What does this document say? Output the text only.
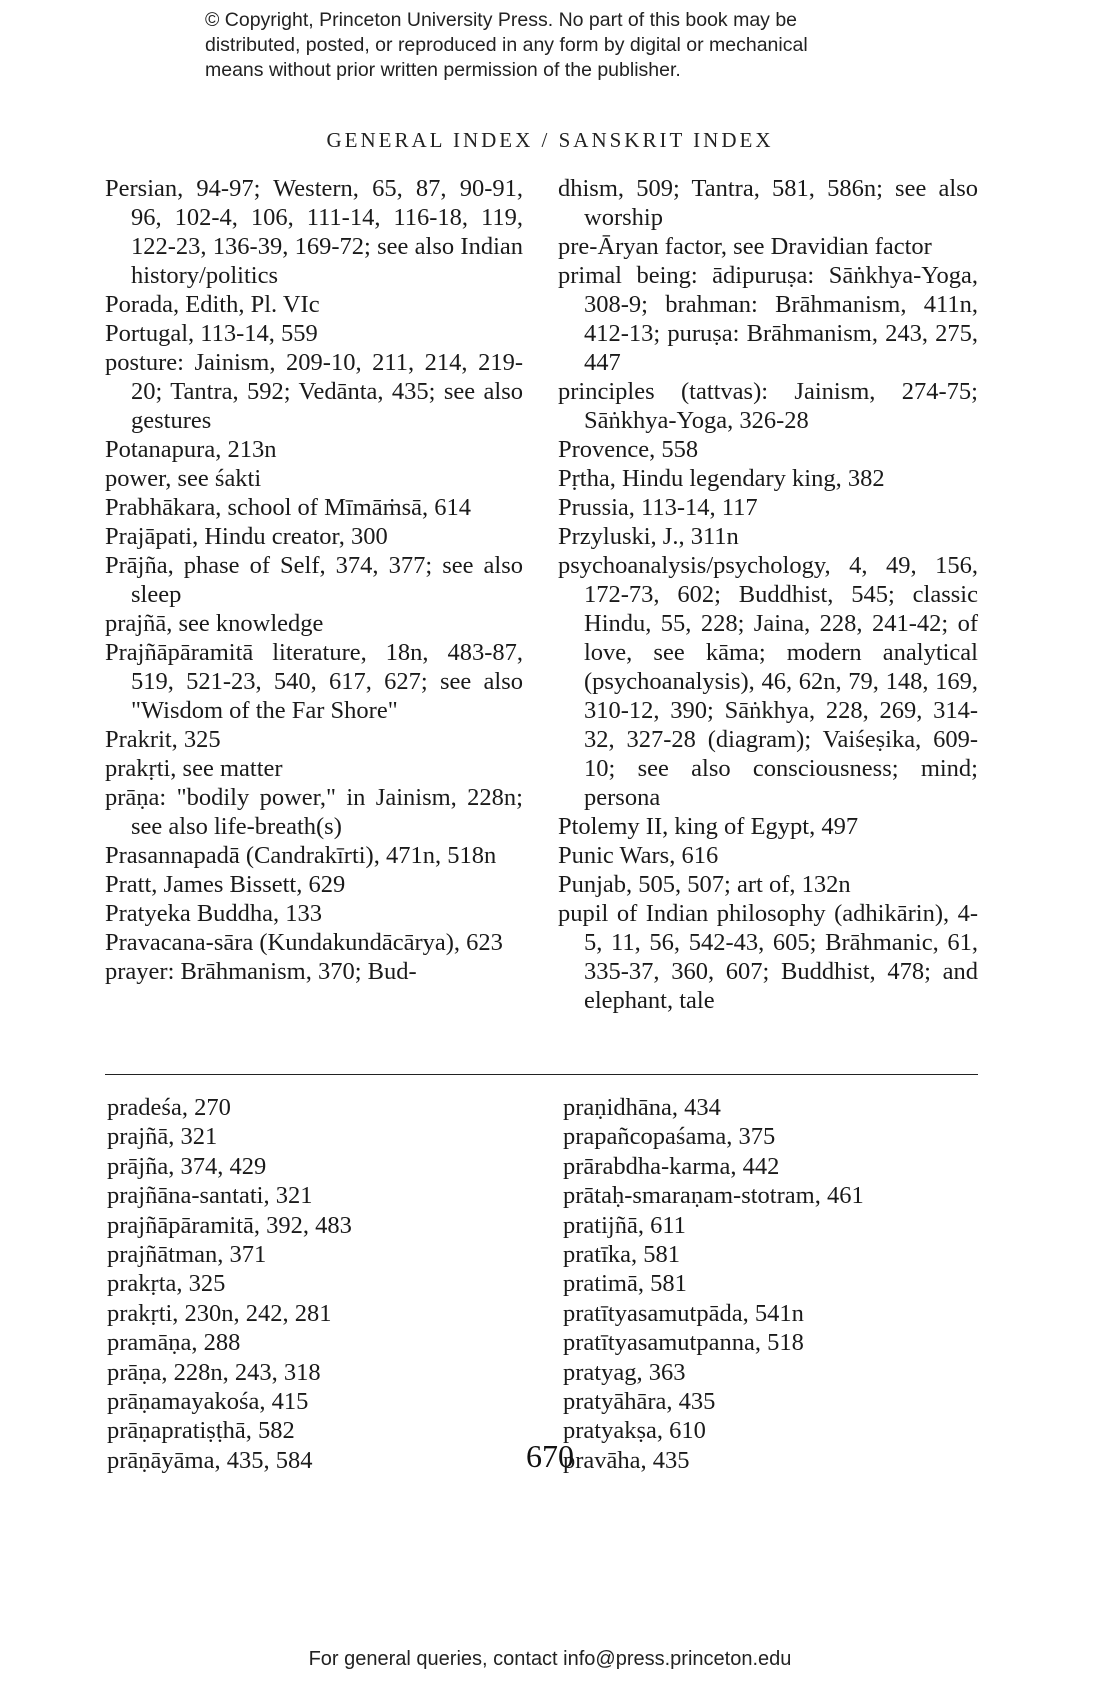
© Copyright, Princeton University Press. No part of this book may be
distributed, posted, or reproduced in any form by digital or mechanical
means without prior written permission of the publisher.
GENERAL INDEX / SANSKRIT INDEX

Persian, 94-97; Western, 65, 87, 90-91, 96, 102-4, 106, 111-14, 116-18, 119, 122-23, 136-39, 169-72; see also Indian history/politics

Porada, Edith, Pl. VIc

Portugal, 113-14, 559

posture: Jainism, 209-10, 211, 214, 219-20; Tantra, 592; Vedānta, 435; see also gestures

Potanapura, 213n

power, see śakti

Prabhākara, school of Mīmāṁsā, 614

Prajāpati, Hindu creator, 300

Prājña, phase of Self, 374, 377; see also sleep

prajñā, see knowledge

Prajñāpāramitā literature, 18n, 483-87, 519, 521-23, 540, 617, 627; see also "Wisdom of the Far Shore"

Prakrit, 325

prakṛti, see matter

prāṇa: "bodily power," in Jainism, 228n; see also life-breath(s)

Prasannapadā (Candrakīrti), 471n, 518n

Pratt, James Bissett, 629

Pratyeka Buddha, 133

Pravacana-sāra (Kundakundācārya), 623

prayer: Brāhmanism, 370; Bud-

dhism, 509; Tantra, 581, 586n; see also worship

pre-Āryan factor, see Dravidian factor

primal being: ādipuruṣa: Sāṅkhya-Yoga, 308-9; brahman: Brāhmanism, 411n, 412-13; puruṣa: Brāhmanism, 243, 275, 447

principles (tattvas): Jainism, 274-75; Sāṅkhya-Yoga, 326-28

Provence, 558

Pṛtha, Hindu legendary king, 382

Prussia, 113-14, 117

Przyluski, J., 311n

psychoanalysis/psychology, 4, 49, 156, 172-73, 602; Buddhist, 545; classic Hindu, 55, 228; Jaina, 228, 241-42; of love, see kāma; modern analytical (psychoanalysis), 46, 62n, 79, 148, 169, 310-12, 390; Sāṅkhya, 228, 269, 314-32, 327-28 (diagram); Vaiśeṣika, 609-10; see also consciousness; mind; persona

Ptolemy II, king of Egypt, 497

Punic Wars, 616

Punjab, 505, 507; art of, 132n

pupil of Indian philosophy (adhikārin), 4-5, 11, 56, 542-43, 605; Brāhmanic, 61, 335-37, 360, 607; Buddhist, 478; and elephant, tale

pradeśa, 270

prajñā, 321

prājña, 374, 429

prajñāna-santati, 321

prajñāpāramitā, 392, 483

prajñātman, 371

prakṛta, 325

prakṛti, 230n, 242, 281

pramāṇa, 288

prāṇa, 228n, 243, 318

prāṇamayakośa, 415

prāṇapratiṣṭhā, 582

prāṇāyāma, 435, 584

praṇidhāna, 434

prapañcopaśama, 375

prārabdha-karma, 442

prātaḥ-smaraṇam-stotram, 461

pratijñā, 611

pratīka, 581

pratimā, 581

pratītyasamutpāda, 541n

pratītyasamutpanna, 518

pratyag, 363

pratyāhāra, 435

pratyakṣa, 610

pravāha, 435

670
For general queries, contact info@press.princeton.edu
